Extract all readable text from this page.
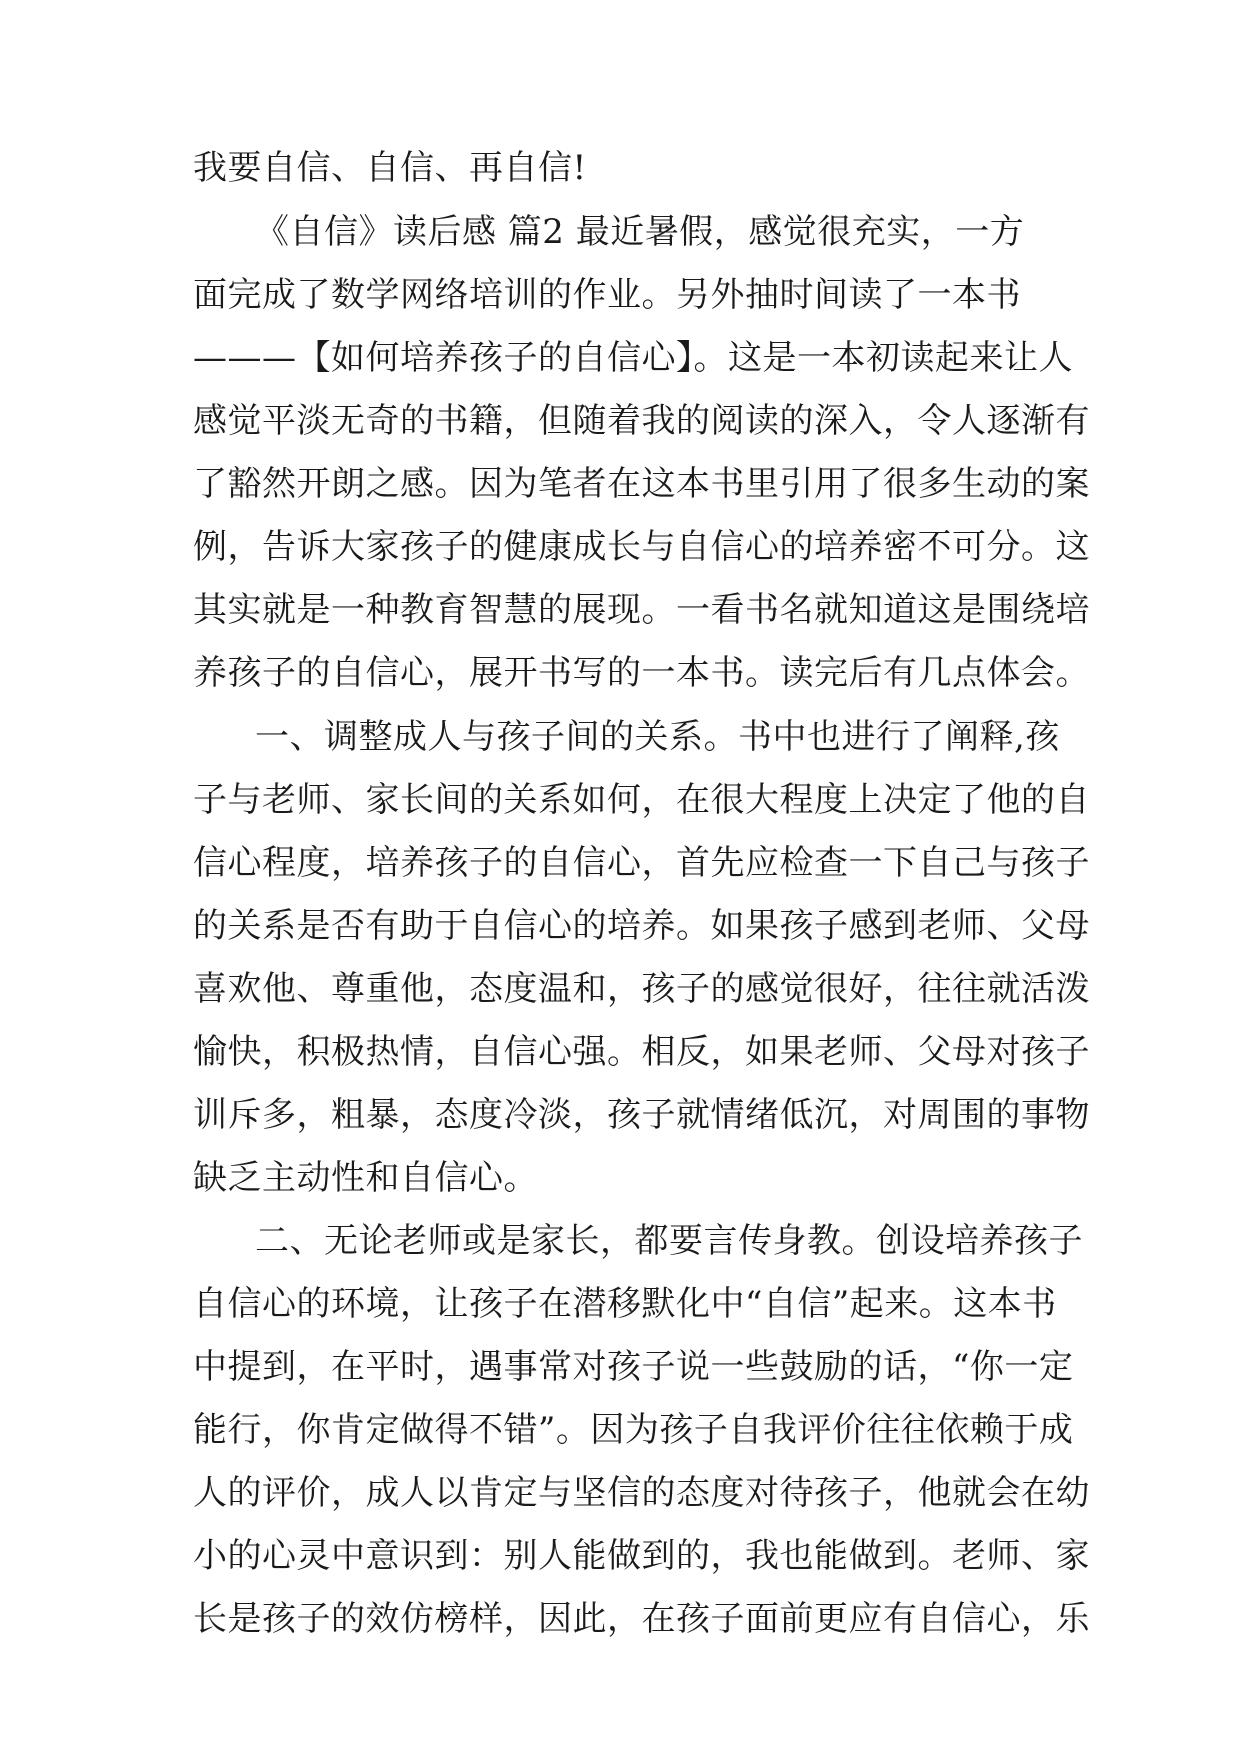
我要自信、自信、再自信!
《自信》读后感 篇2 最近暑假，感觉很充实，一方
面完成了数学网络培训的作业。另外抽时间读了一本书
———【如何培养孩子的自信心】。这是一本初读起来让人
感觉平淡无奇的书籍，但随着我的阅读的深入，令人逐渐有
了豁然开朗之感。因为笔者在这本书里引用了很多生动的案
例，告诉大家孩子的健康成长与自信心的培养密不可分。这
其实就是一种教育智慧的展现。一看书名就知道这是围绕培
养孩子的自信心，展开书写的一本书。读完后有几点体会。
一、调整成人与孩子间的关系。书中也进行了阐释,孩
子与老师、家长间的关系如何，在很大程度上决定了他的自
信心程度，培养孩子的自信心，首先应检查一下自己与孩子
的关系是否有助于自信心的培养。如果孩子感到老师、父母
喜欢他、尊重他，态度温和，孩子的感觉很好，往往就活泼
愉快，积极热情，自信心强。相反，如果老师、父母对孩子
训斥多，粗暴，态度冷淡，孩子就情绪低沉，对周围的事物
缺乏主动性和自信心。
二、无论老师或是家长，都要言传身教。创设培养孩子
自信心的环境，让孩子在潜移默化中“自信”起来。这本书
中提到，在平时，遇事常对孩子说一些鼓励的话，“你一定
能行，你肯定做得不错”。因为孩子自我评价往往依赖于成
人的评价，成人以肯定与坚信的态度对待孩子，他就会在幼
小的心灵中意识到：别人能做到的，我也能做到。老师、家
长是孩子的效仿榜样，因此，在孩子面前更应有自信心，乐
